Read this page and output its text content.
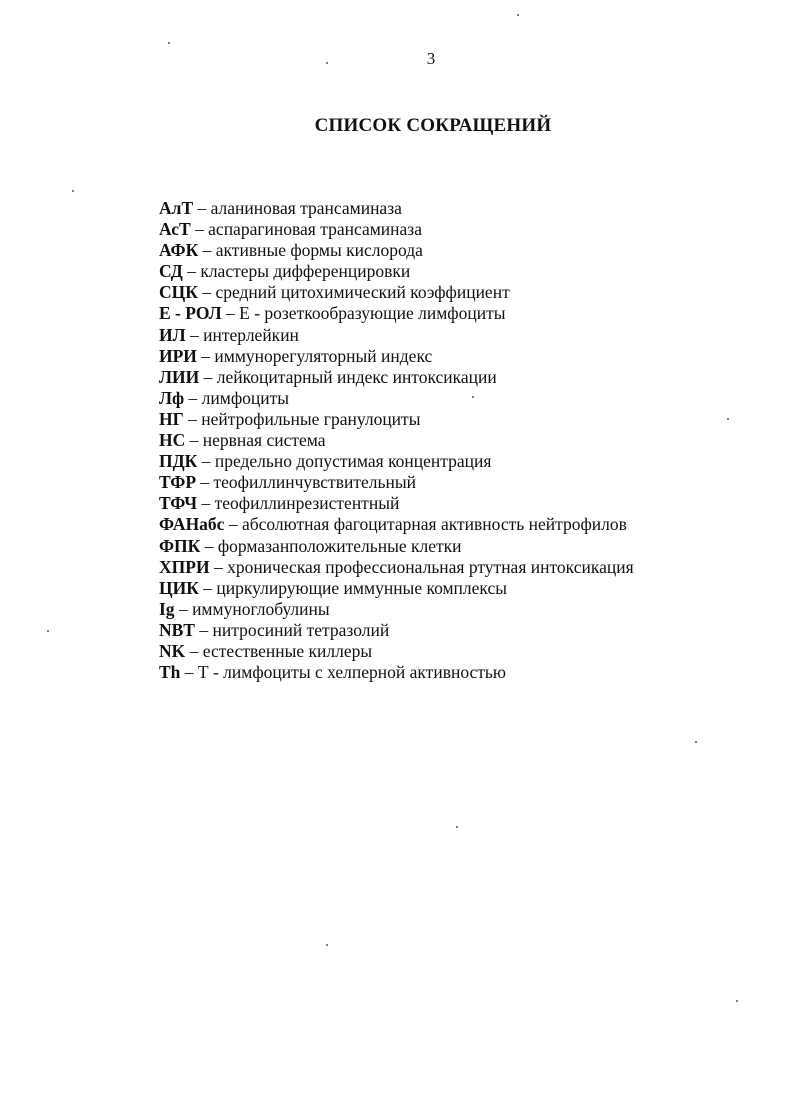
3
СПИСОК СОКРАЩЕНИЙ
АлТ – аланиновая трансаминаза
АсТ – аспарагиновая трансаминаза
АФК – активные формы кислорода
СД – кластеры дифференцировки
СЦК – средний цитохимический коэффициент
Е - РОЛ – Е - розеткообразующие лимфоциты
ИЛ – интерлейкин
ИРИ – иммунорегуляторный индекс
ЛИИ – лейкоцитарный индекс интоксикации
Лф – лимфоциты
НГ – нейтрофильные гранулоциты
НС – нервная система
ПДК – предельно допустимая концентрация
ТФР – теофиллинчувствительный
ТФЧ – теофиллинрезистентный
ФАНабс – абсолютная фагоцитарная активность нейтрофилов
ФПК – формазанположительные клетки
ХПРИ – хроническая профессиональная ртутная интоксикация
ЦИК – циркулирующие иммунные комплексы
Ig – иммуноглобулины
NBT – нитросиний тетразолий
NK – естественные киллеры
Th – Т - лимфоциты с хелперной активностью
